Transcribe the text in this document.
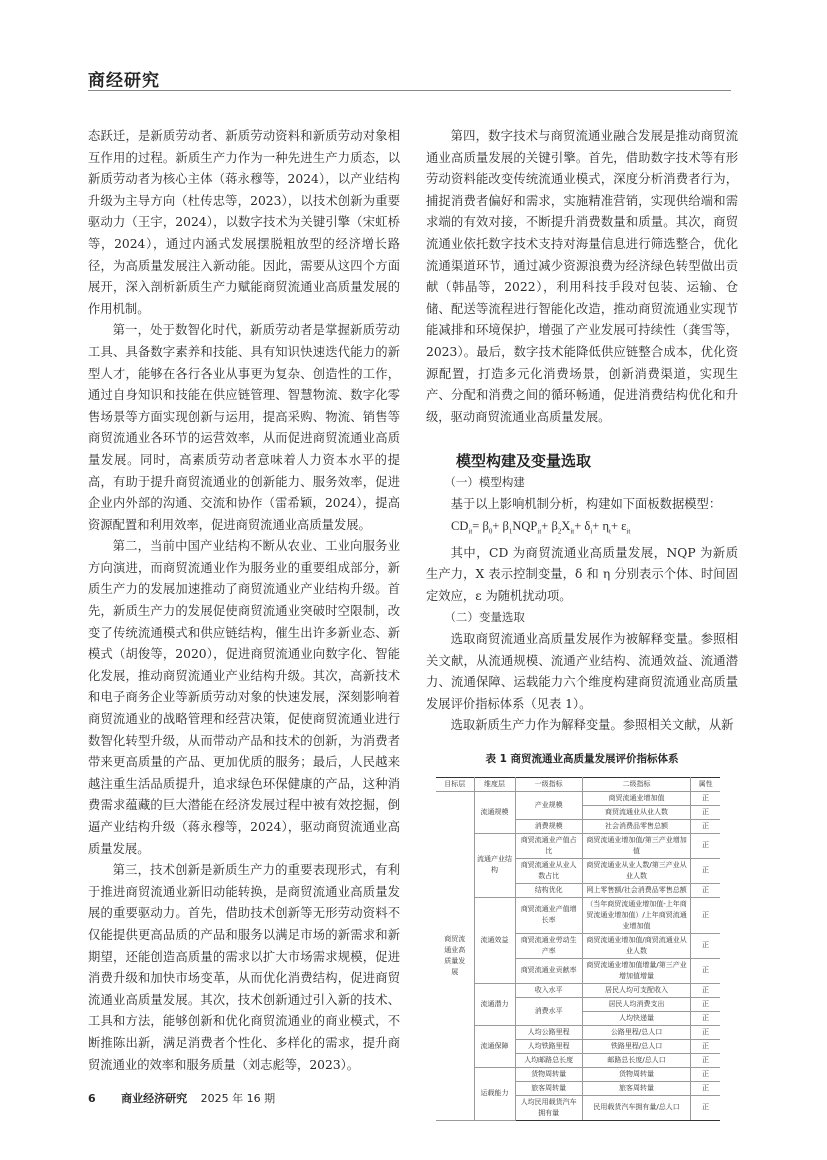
商经研究

态跃迁，是新质劳动者、新质劳动资料和新质劳动对象相互作用的过程。新质生产力作为一种先进生产力质态，以新质劳动者为核心主体（蒋永穆等，2024），以产业结构升级为主导方向（杜传忠等，2023），以技术创新为重要驱动力（王宇，2024），以数字技术为关键引擎（宋虹桥等，2024），通过内涵式发展摆脱粗放型的经济增长路径，为高质量发展注入新动能。因此，需要从这四个方面展开，深入剖析新质生产力赋能商贸流通业高质量发展的作用机制。

第一，处于数智化时代，新质劳动者是掌握新质劳动工具、具备数字素养和技能、具有知识快速迭代能力的新型人才，能够在各行各业从事更为复杂、创造性的工作，通过自身知识和技能在供应链管理、智慧物流、数字化零售场景等方面实现创新与运用，提高采购、物流、销售等商贸流通业各环节的运营效率，从而促进商贸流通业高质量发展。同时，高素质劳动者意味着人力资本水平的提高，有助于提升商贸流通业的创新能力、服务效率，促进企业内外部的沟通、交流和协作（雷希颖，2024），提高资源配置和利用效率，促进商贸流通业高质量发展。

第二，当前中国产业结构不断从农业、工业向服务业方向演进，而商贸流通业作为服务业的重要组成部分，新质生产力的发展加速推动了商贸流通业产业结构升级。首先，新质生产力的发展促使商贸流通业突破时空限制，改变了传统流通模式和供应链结构，催生出许多新业态、新模式（胡俊等，2020），促进商贸流通业向数字化、智能化发展，推动商贸流通业产业结构升级。其次，高新技术和电子商务企业等新质劳动对象的快速发展，深刻影响着商贸流通业的战略管理和经营决策，促使商贸流通业进行数智化转型升级，从而带动产品和技术的创新，为消费者带来更高质量的产品、更加优质的服务；最后，人民越来越注重生活品质提升，追求绿色环保健康的产品，这种消费需求蕴藏的巨大潜能在经济发展过程中被有效挖掘，倒逼产业结构升级（蒋永穆等，2024），驱动商贸流通业高质量发展。

第三，技术创新是新质生产力的重要表现形式，有利于推进商贸流通业新旧动能转换，是商贸流通业高质量发展的重要驱动力。首先，借助技术创新等无形劳动资料不仅能提供更高品质的产品和服务以满足市场的新需求和新期望，还能创造高质量的需求以扩大市场需求规模，促进消费升级和加快市场变革，从而优化消费结构，促进商贸流通业高质量发展。其次，技术创新通过引入新的技术、工具和方法，能够创新和优化商贸流通业的商业模式，不断推陈出新，满足消费者个性化、多样化的需求，提升商贸流通业的效率和服务质量（刘志彪等，2023）。

第四，数字技术与商贸流通业融合发展是推动商贸流通业高质量发展的关键引擎。首先，借助数字技术等有形劳动资料能改变传统流通业模式，深度分析消费者行为，捕捉消费者偏好和需求，实施精准营销，实现供给端和需求端的有效对接，不断提升消费数量和质量。其次，商贸流通业依托数字技术支持对海量信息进行筛选整合，优化流通渠道环节，通过减少资源浪费为经济绿色转型做出贡献（韩晶等，2022），利用科技手段对包装、运输、仓储、配送等流程进行智能化改造，推动商贸流通业实现节能减排和环境保护，增强了产业发展可持续性（龚雪等，2023）。最后，数字技术能降低供应链整合成本，优化资源配置，打造多元化消费场景，创新消费渠道，实现生产、分配和消费之间的循环畅通，促进消费结构优化和升级，驱动商贸流通业高质量发展。

模型构建及变量选取

（一）模型构建

基于以上影响机制分析，构建如下面板数据模型：

$CD_{it}= \beta_0+ \beta_1NQP_{it}+ \beta_2X_{it}+ \delta_i+ \eta_t+ \varepsilon_{it}$

其中，CD 为商贸流通业高质量发展，NQP 为新质生产力，X 表示控制变量，δ 和 η 分别表示个体、时间固定效应，ε 为随机扰动项。

（二）变量选取

选取商贸流通业高质量发展作为被解释变量。参照相关文献，从流通规模、流通产业结构、流通效益、流通潜力、流通保障、运载能力六个维度构建商贸流通业高质量发展评价指标体系（见表 1）。

选取新质生产力作为解释变量。参照相关文献，从新

表 1 商贸流通业高质量发展评价指标体系
目标层	维度层	一级指标	二级指标	属性
商贸流通业高质量发展	流通规模	产业规模	商贸流通业增加值	正
			商贸流通业从业人数	正
		消费规模	社会消费品零售总额	正
	流通产业结构	商贸流通业产值占比	商贸流通业增加值/第三产业增加值	正
		商贸流通业从业人数占比	商贸流通业从业人数/第三产业从业人数	正
		结构优化	网上零售额/社会消费品零售总额	正
	流通效益	商贸流通业产值增长率	（当年商贸流通业增加值-上年商贸流通业增加值）/上年商贸流通业增加值	正
		商贸流通业劳动生产率	商贸流通业增加值/商贸流通业从业人数	正
		商贸流通业贡献率	商贸流通业增加值增量/第三产业增加值增量	正
	流通潜力	收入水平	居民人均可支配收入	正
		消费水平	居民人均消费支出	正
			人均快递量	正
	流通保障	人均公路里程	公路里程/总人口	正
		人均铁路里程	铁路里程/总人口	正
		人均邮路总长度	邮路总长度/总人口	正
	运载能力	货物周转量	货物周转量	正
		旅客周转量	旅客周转量	正
		人均民用载货汽车拥有量	民用载货汽车拥有量/总人口	正
6 商业经济研究 2025 年 16 期
